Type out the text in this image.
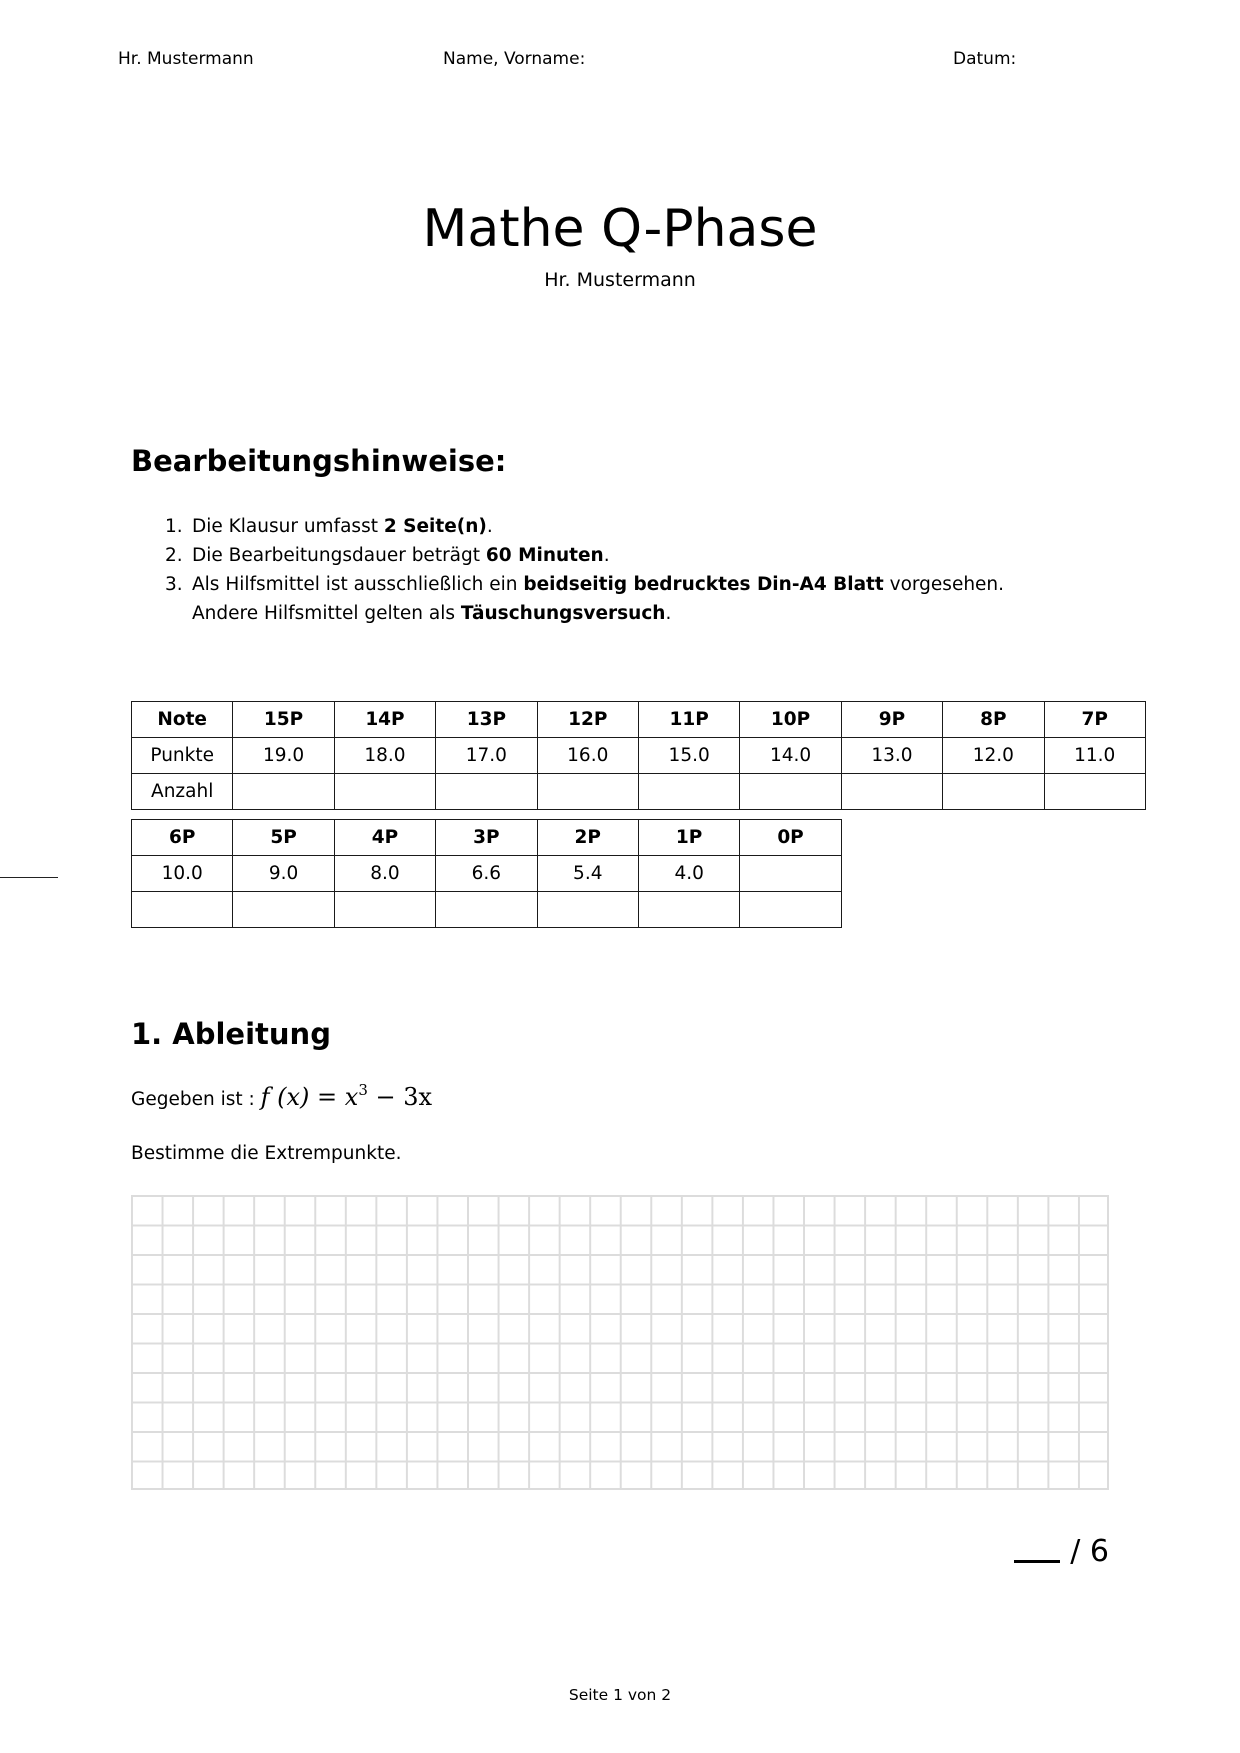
Hr. Mustermann	Name, Vorname:	Datum:
Mathe Q-Phase
Hr. Mustermann
Bearbeitungshinweise:
1. Die Klausur umfasst 2 Seite(n).
2. Die Bearbeitungsdauer beträgt 60 Minuten.
3. Als Hilfsmittel ist ausschließlich ein beidseitig bedrucktes Din-A4 Blatt vorgesehen.
Andere Hilfsmittel gelten als Täuschungsversuch.
Note	15P	14P	13P	12P	11P	10P	9P	8P	7P
Punkte	19.0	18.0	17.0	16.0	15.0	14.0	13.0	12.0	11.0
Anzahl									
6P	5P	4P	3P	2P	1P	0P
10.0	9.0	8.0	6.6	5.4	4.0	

1. Ableitung
Gegeben ist : f $(x) = x^3 - 3x$
Bestimme die Extrempunkte.
/ 6
Seite 1 von 2
